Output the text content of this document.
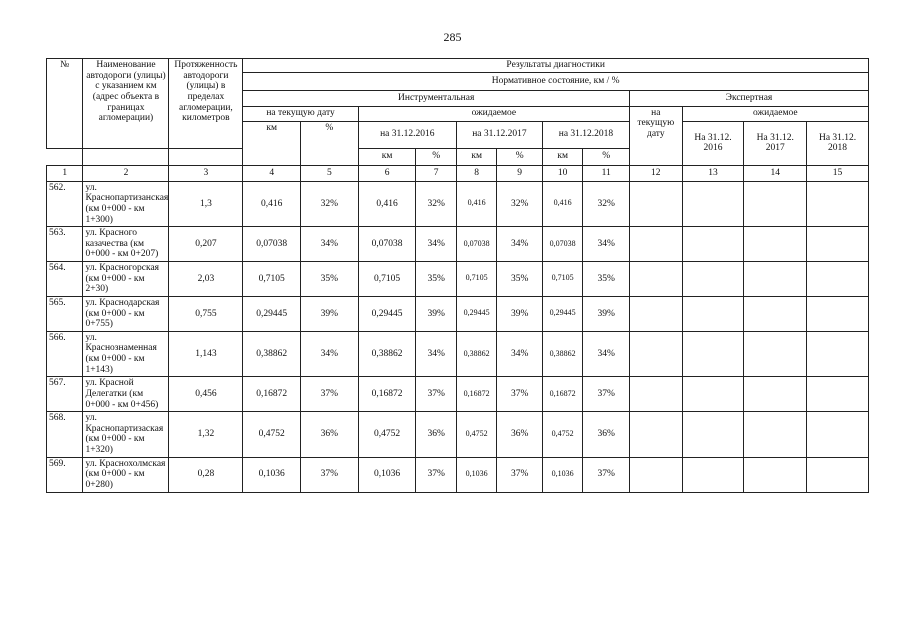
285
№	Наименование автодороги (улицы) с указанием км (адрес объекта в границах агломерации)	Протяженность автодороги (улицы) в пределах агломерации, километров	Результаты диагностики											
			Нормативное состояние, км / %											
			Инструментальная								Экспертная			
			на текущую дату		ожидаемое						на текущую дату	ожидаемое		
			км	%	на 31.12.2016		на 31.12.2017		на 31.12.2018			На 31.12. 2016	На 31.12. 2017	На 31.12. 2018
					км	%	км	%	км	%				
1	2	3	4	5	6	7	8	9	10	11	12	13	14	15
562.	ул. Краснопартизанская (км 0+000 - км 1+300)	1,3	0,416	32%	0,416	32%	0,416	32%	0,416	32%				
563.	ул. Красного казачества (км 0+000 - км 0+207)	0,207	0,07038	34%	0,07038	34%	0,07038	34%	0,07038	34%				
564.	ул. Красногорская (км 0+000 - км 2+30)	2,03	0,7105	35%	0,7105	35%	0,7105	35%	0,7105	35%				
565.	ул. Краснодарская (км 0+000 - км 0+755)	0,755	0,29445	39%	0,29445	39%	0,29445	39%	0,29445	39%				
566.	ул. Краснознаменная (км 0+000 - км 1+143)	1,143	0,38862	34%	0,38862	34%	0,38862	34%	0,38862	34%				
567.	ул. Красной Делегатки (км 0+000 - км 0+456)	0,456	0,16872	37%	0,16872	37%	0,16872	37%	0,16872	37%				
568.	ул. Краснопартизаская (км 0+000 - км 1+320)	1,32	0,4752	36%	0,4752	36%	0,4752	36%	0,4752	36%				
569.	ул. Краснохолмская (км 0+000 - км 0+280)	0,28	0,1036	37%	0,1036	37%	0,1036	37%	0,1036	37%				
